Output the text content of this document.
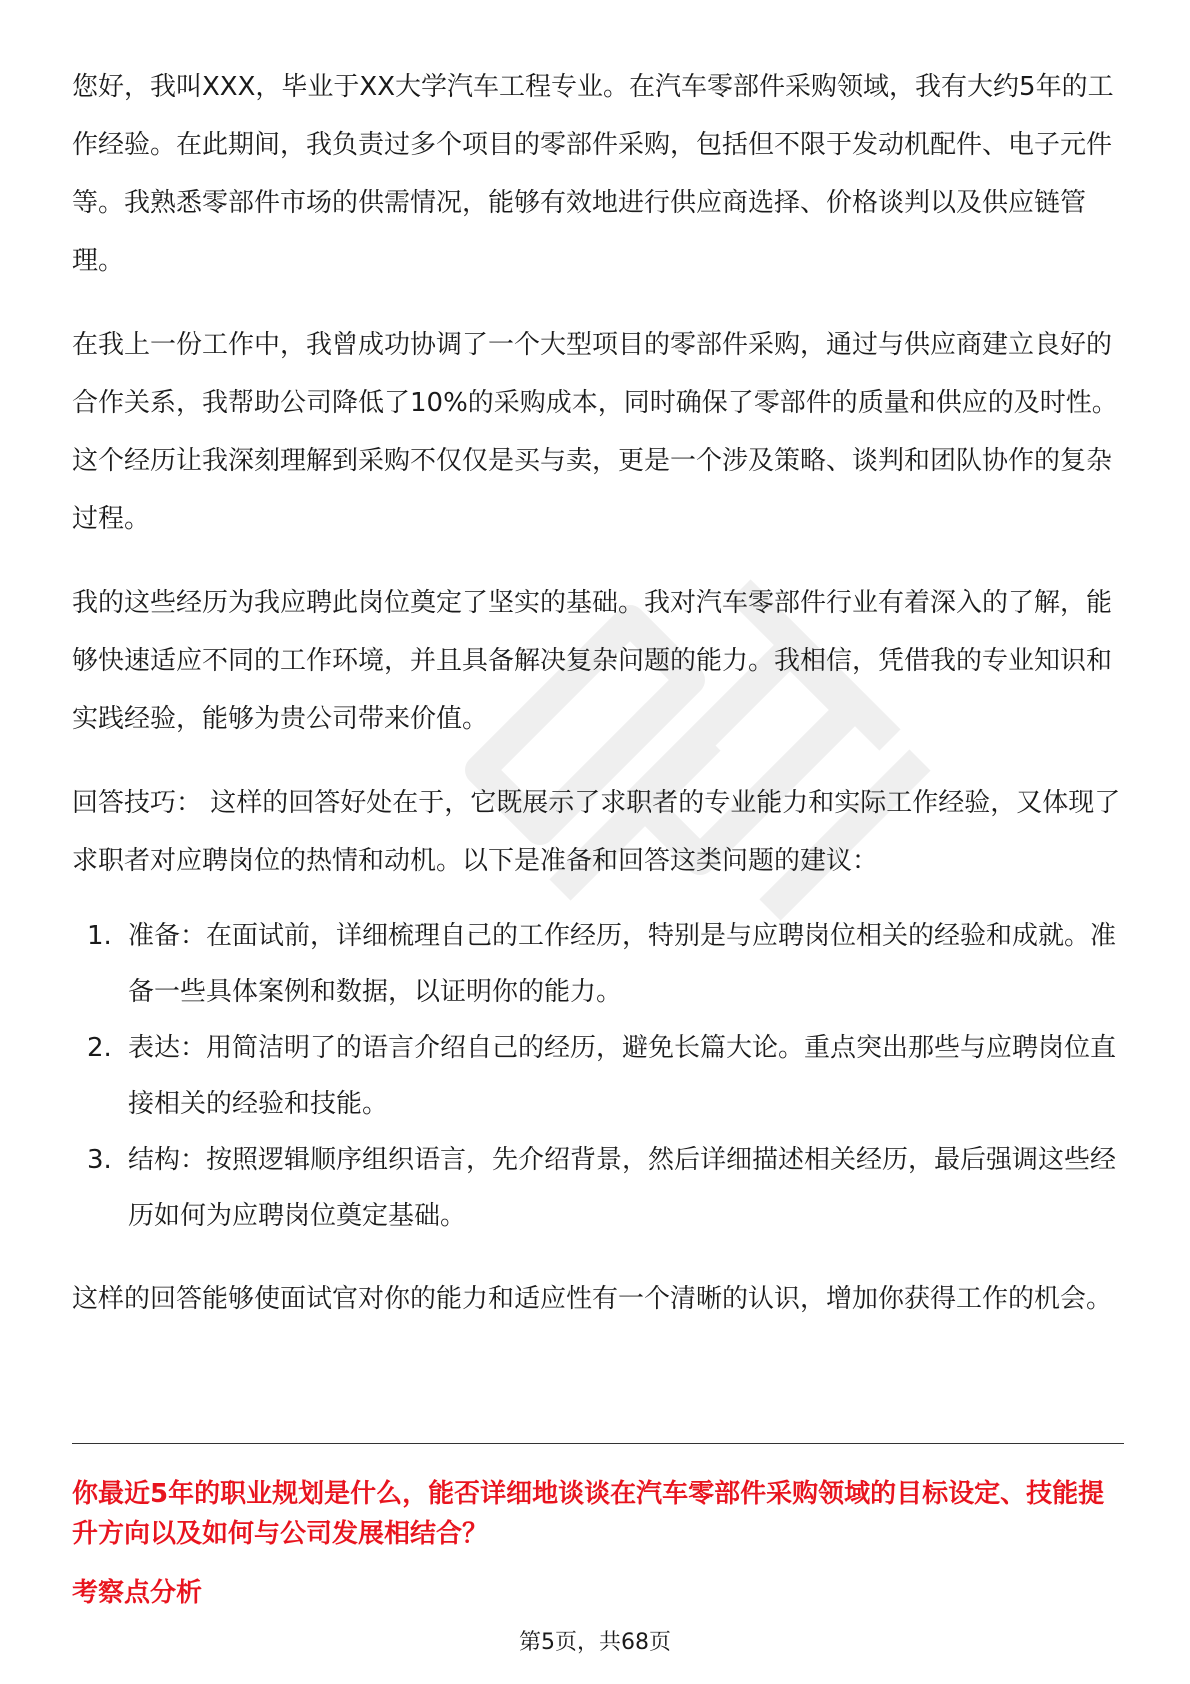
您好，我叫XXX，毕业于XX大学汽车工程专业。在汽车零部件采购领域，我有大约5年的工作经验。在此期间，我负责过多个项目的零部件采购，包括但不限于发动机配件、电子元件等。我熟悉零部件市场的供需情况，能够有效地进行供应商选择、价格谈判以及供应链管理。

在我上一份工作中，我曾成功协调了一个大型项目的零部件采购，通过与供应商建立良好的合作关系，我帮助公司降低了10%的采购成本，同时确保了零部件的质量和供应的及时性。这个经历让我深刻理解到采购不仅仅是买与卖，更是一个涉及策略、谈判和团队协作的复杂过程。

我的这些经历为我应聘此岗位奠定了坚实的基础。我对汽车零部件行业有着深入的了解，能够快速适应不同的工作环境，并且具备解决复杂问题的能力。我相信，凭借我的专业知识和实践经验，能够为贵公司带来价值。

回答技巧： 这样的回答好处在于，它既展示了求职者的专业能力和实际工作经验，又体现了求职者对应聘岗位的热情和动机。以下是准备和回答这类问题的建议：

1. 准备：在面试前，详细梳理自己的工作经历，特别是与应聘岗位相关的经验和成就。准备一些具体案例和数据，以证明你的能力。
2. 表达：用简洁明了的语言介绍自己的经历，避免长篇大论。重点突出那些与应聘岗位直接相关的经验和技能。
3. 结构：按照逻辑顺序组织语言，先介绍背景，然后详细描述相关经历，最后强调这些经历如何为应聘岗位奠定基础。

这样的回答能够使面试官对你的能力和适应性有一个清晰的认识，增加你获得工作的机会。

你最近5年的职业规划是什么，能否详细地谈谈在汽车零部件采购领域的目标设定、技能提升方向以及如何与公司发展相结合？

考察点分析

第5页，共68页
